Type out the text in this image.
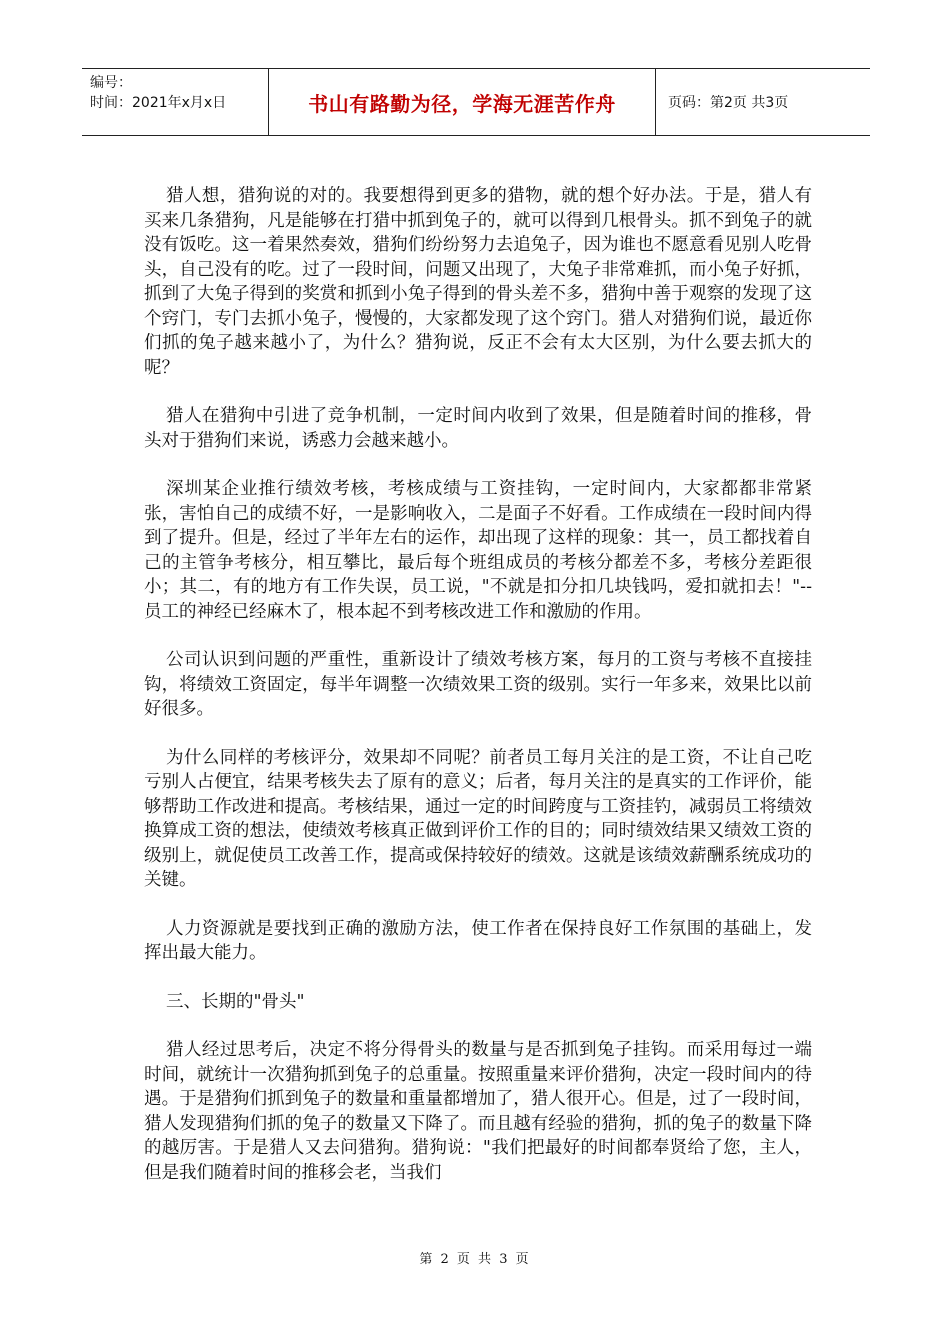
编号：
时间：2021年x月x日	书山有路勤为径，学海无涯苦作舟	页码：第2页 共3页

猎人想，猎狗说的对的。我要想得到更多的猎物，就的想个好办法。于是，猎人有买来几条猎狗，凡是能够在打猎中抓到兔子的，就可以得到几根骨头。抓不到兔子的就没有饭吃。这一着果然奏效，猎狗们纷纷努力去追兔子，因为谁也不愿意看见别人吃骨头，自己没有的吃。过了一段时间，问题又出现了，大兔子非常难抓，而小兔子好抓，抓到了大兔子得到的奖赏和抓到小兔子得到的骨头差不多，猎狗中善于观察的发现了这个窍门，专门去抓小兔子，慢慢的，大家都发现了这个窍门。猎人对猎狗们说，最近你们抓的兔子越来越小了，为什么？猎狗说，反正不会有太大区别，为什么要去抓大的呢？

猎人在猎狗中引进了竞争机制，一定时间内收到了效果，但是随着时间的推移，骨头对于猎狗们来说，诱惑力会越来越小。

深圳某企业推行绩效考核，考核成绩与工资挂钩，一定时间内，大家都都非常紧张，害怕自己的成绩不好，一是影响收入，二是面子不好看。工作成绩在一段时间内得到了提升。但是，经过了半年左右的运作，却出现了这样的现象：其一，员工都找着自己的主管争考核分，相互攀比，最后每个班组成员的考核分都差不多，考核分差距很小；其二，有的地方有工作失误，员工说，"不就是扣分扣几块钱吗，爱扣就扣去！"--员工的神经已经麻木了，根本起不到考核改进工作和激励的作用。

公司认识到问题的严重性，重新设计了绩效考核方案，每月的工资与考核不直接挂钩，将绩效工资固定，每半年调整一次绩效果工资的级别。实行一年多来，效果比以前好很多。

为什么同样的考核评分，效果却不同呢？前者员工每月关注的是工资，不让自己吃亏别人占便宜，结果考核失去了原有的意义；后者，每月关注的是真实的工作评价，能够帮助工作改进和提高。考核结果，通过一定的时间跨度与工资挂钓，减弱员工将绩效换算成工资的想法，使绩效考核真正做到评价工作的目的；同时绩效结果又绩效工资的级别上，就促使员工改善工作，提高或保持较好的绩效。这就是该绩效薪酬系统成功的关键。

人力资源就是要找到正确的激励方法，使工作者在保持良好工作氛围的基础上，发挥出最大能力。

三、长期的"骨头"

猎人经过思考后，决定不将分得骨头的数量与是否抓到兔子挂钩。而采用每过一端时间，就统计一次猎狗抓到兔子的总重量。按照重量来评价猎狗，决定一段时间内的待遇。于是猎狗们抓到兔子的数量和重量都增加了，猎人很开心。但是，过了一段时间，猎人发现猎狗们抓的兔子的数量又下降了。而且越有经验的猎狗，抓的兔子的数量下降的越厉害。于是猎人又去问猎狗。猎狗说："我们把最好的时间都奉贤给了您，主人，但是我们随着时间的推移会老，当我们

第 2 页 共 3 页
